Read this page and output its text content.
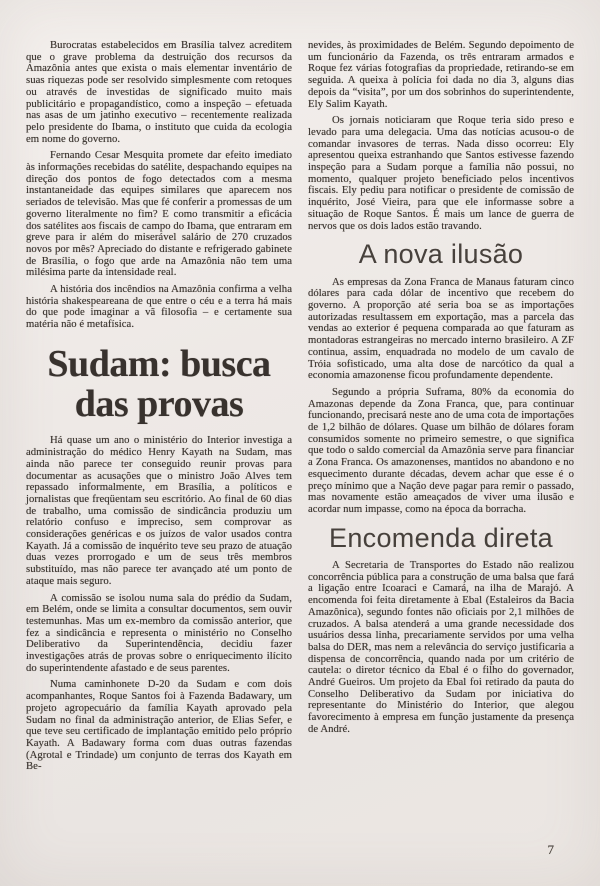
Burocratas estabelecidos em Brasília talvez acreditem que o grave problema da destruição dos recursos da Amazônia antes que exista o mais elementar inventário de suas riquezas pode ser resolvido simplesmente com retoques ou através de investidas de significado muito mais publicitário e propagandístico, como a inspeção – efetuada nas asas de um jatinho executivo – recentemente realizada pelo presidente do Ibama, o instituto que cuida da ecologia em nome do governo.

Fernando Cesar Mesquita promete dar efeito imediato às informações recebidas do satélite, despachando equipes na direção dos pontos de fogo detectados com a mesma instantaneidade das equipes similares que aparecem nos seriados de televisão. Mas que fé conferir a promessas de um governo literalmente no fim? E como transmitir a eficácia dos satélites aos fiscais de campo do Ibama, que entraram em greve para ir além do miserável salário de 270 cruzados novos por mês? Apreciado do distante e refrigerado gabinete de Brasília, o fogo que arde na Amazônia não tem uma milésima parte da intensidade real.

A história dos incêndios na Amazônia confirma a velha história shakespeareana de que entre o céu e a terra há mais do que pode imaginar a vã filosofia – e certamente sua matéria não é metafísica.

Sudam: busca das provas

Há quase um ano o ministério do Interior investiga a administração do médico Henry Kayath na Sudam, mas ainda não parece ter conseguido reunir provas para documentar as acusações que o ministro João Alves tem repassado informalmente, em Brasília, a políticos e jornalistas que freqüentam seu escritório. Ao final de 60 dias de trabalho, uma comissão de sindicância produziu um relatório confuso e impreciso, sem comprovar as considerações genéricas e os juízos de valor usados contra Kayath. Já a comissão de inquérito teve seu prazo de atuação duas vezes prorrogado e um de seus três membros substituído, mas não parece ter avançado até um ponto de ataque mais seguro.

A comissão se isolou numa sala do prédio da Sudam, em Belém, onde se limita a consultar documentos, sem ouvir testemunhas. Mas um ex-membro da comissão anterior, que fez a sindicância e representa o ministério no Conselho Deliberativo da Superintendência, decidiu fazer investigações atrás de provas sobre o enriquecimento ilícito do superintendente afastado e de seus parentes.

Numa caminhonete D-20 da Sudam e com dois acompanhantes, Roque Santos foi à Fazenda Badawary, um projeto agropecuário da família Kayath aprovado pela Sudam no final da administração anterior, de Elias Sefer, e que teve seu certificado de implantação emitido pelo próprio Kayath. A Badawary forma com duas outras fazendas (Agrotal e Trindade) um conjunto de terras dos Kayath em Be-

nevides, às proximidades de Belém. Segundo depoimento de um funcionário da Fazenda, os três entraram armados e Roque fez várias fotografias da propriedade, retirando-se em seguida. A queixa à polícia foi dada no dia 3, alguns dias depois da “visita”, por um dos sobrinhos do superintendente, Ely Salim Kayath.

Os jornais noticiaram que Roque teria sido preso e levado para uma delegacia. Uma das notícias acusou-o de comandar invasores de terras. Nada disso ocorreu: Ely apresentou queixa estranhando que Santos estivesse fazendo inspeção para a Sudam porque a família não possui, no momento, qualquer projeto beneficiado pelos incentivos fiscais. Ely pediu para notificar o presidente de comissão de inquérito, José Vieira, para que ele informasse sobre a situação de Roque Santos. É mais um lance de guerra de nervos que os dois lados estão travando.

A nova ilusão

As empresas da Zona Franca de Manaus faturam cinco dólares para cada dólar de incentivo que recebem do governo. A proporção até seria boa se as importações autorizadas resultassem em exportação, mas a parcela das vendas ao exterior é pequena comparada ao que faturam as montadoras estrangeiras no mercado interno brasileiro. A ZF continua, assim, enquadrada no modelo de um cavalo de Tróia sofisticado, uma alta dose de narcótico da qual a economia amazonense ficou profundamente dependente.

Segundo a própria Suframa, 80% da economia do Amazonas depende da Zona Franca, que, para continuar funcionando, precisará neste ano de uma cota de importações de 1,2 bilhão de dólares. Quase um bilhão de dólares foram consumidos somente no primeiro semestre, o que significa que todo o saldo comercial da Amazônia serve para financiar a Zona Franca. Os amazonenses, mantidos no abandono e no esquecimento durante décadas, devem achar que esse é o preço mínimo que a Nação deve pagar para remir o passado, mas novamente estão ameaçados de viver uma ilusão e acordar num impasse, como na época da borracha.

Encomenda direta

A Secretaria de Transportes do Estado não realizou concorrência pública para a construção de uma balsa que fará a ligação entre Icoaraci e Camará, na ilha de Marajó. A encomenda foi feita diretamente à Ebal (Estaleiros da Bacia Amazônica), segundo fontes não oficiais por 2,1 milhões de cruzados. A balsa atenderá a uma grande necessidade dos usuários dessa linha, precariamente servidos por uma velha balsa do DER, mas nem a relevância do serviço justificaria a dispensa de concorrência, quando nada por um critério de cautela: o diretor técnico da Ebal é o filho do governador, André Gueiros. Um projeto da Ebal foi retirado da pauta do Conselho Deliberativo da Sudam por iniciativa do representante do Ministério do Interior, que alegou favorecimento à empresa em função justamente da presença de André.

7
